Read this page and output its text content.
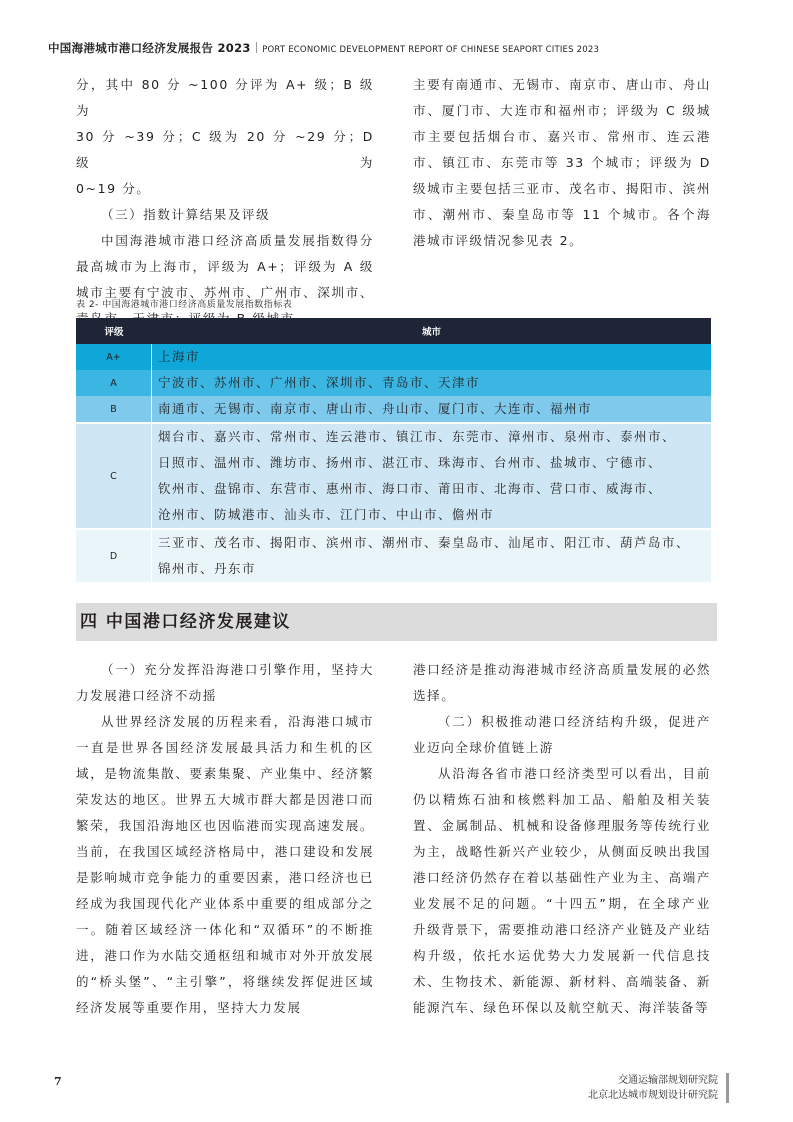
中国海港城市港口经济发展报告 2023 PORT ECONOMIC DEVELOPMENT REPORT OF CHINESE SEAPORT CITIES 2023

分，其中 80 分 ~100 分评为 A+ 级；B 级为

30 分 ~39 分；C 级为 20 分 ~29 分；D 级为

0~19 分。

（三）指数计算结果及评级

中国海港城市港口经济高质量发展指数得分最高城市为上海市，评级为 A+；评级为 A 级城市主要有宁波市、苏州市、广州市、深圳市、

主要有南通市、无锡市、南京市、唐山市、舟山市、厦门市、大连市和福州市；评级为 C 级城市主要包括烟台市、嘉兴市、常州市、连云港市、镇江市、东莞市等 33 个城市；评级为 D 级城市主要包括三亚市、茂名市、揭阳市、滨州市、潮州市、秦皇岛市等 11 个城市。各个海港城市评级情况参见表 2。

表 2- 中国海港城市港口经济高质量发展指数指标表
评级	城市
A+	上海市

A	宁波市、苏州市、广州市、深圳市、青岛市、天津市

B	南通市、无锡市、南京市、唐山市、舟山市、厦门市、大连市、福州市

C	烟台市、嘉兴市、常州市、连云港市、镇江市、东莞市、漳州市、泉州市、泰州市、
日照市、温州市、潍坊市、扬州市、湛江市、珠海市、台州市、盐城市、宁德市、
钦州市、盘锦市、东营市、惠州市、海口市、莆田市、北海市、营口市、威海市、
沧州市、防城港市、汕头市、江门市、中山市、儋州市

D	三亚市、茂名市、揭阳市、滨州市、潮州市、秦皇岛市、汕尾市、阳江市、葫芦岛市、
锦州市、丹东市
四 中国港口经济发展建议

（一）充分发挥沿海港口引擎作用，坚持大力发展港口经济不动摇

从世界经济发展的历程来看，沿海港口城市一直是世界各国经济发展最具活力和生机的区域，是物流集散、要素集聚、产业集中、经济繁荣发达的地区。世界五大城市群大都是因港口而繁荣，我国沿海地区也因临港而实现高速发展。当前，在我国区域经济格局中，港口建设和发展是影响城市竞争能力的重要因素，港口经济也已经成为我国现代化产业体系中重要的组成部分之一。随着区域经济一体化和“双循环”的不断推进，港口作为水陆交通枢纽和城市对外开放发展的“桥头堡”、“主引擎”，将继续发挥促进区域经济发展等重要作用，坚持大力发展

港口经济是推动海港城市经济高质量发展的必然选择。

（二）积极推动港口经济结构升级，促进产业迈向全球价值链上游

从沿海各省市港口经济类型可以看出，目前仍以精炼石油和核燃料加工品、船舶及相关装置、金属制品、机械和设备修理服务等传统行业为主，战略性新兴产业较少，从侧面反映出我国港口经济仍然存在着以基础性产业为主、高端产业发展不足的问题。“十四五”期，在全球产业升级背景下，需要推动港口经济产业链及产业结构升级，依托水运优势大力发展新一代信息技术、生物技术、新能源、新材料、高端装备、新能源汽车、绿色环保以及航空航天、海洋装备等

7	交通运输部规划研究院
北京北达城市规划设计研究院
